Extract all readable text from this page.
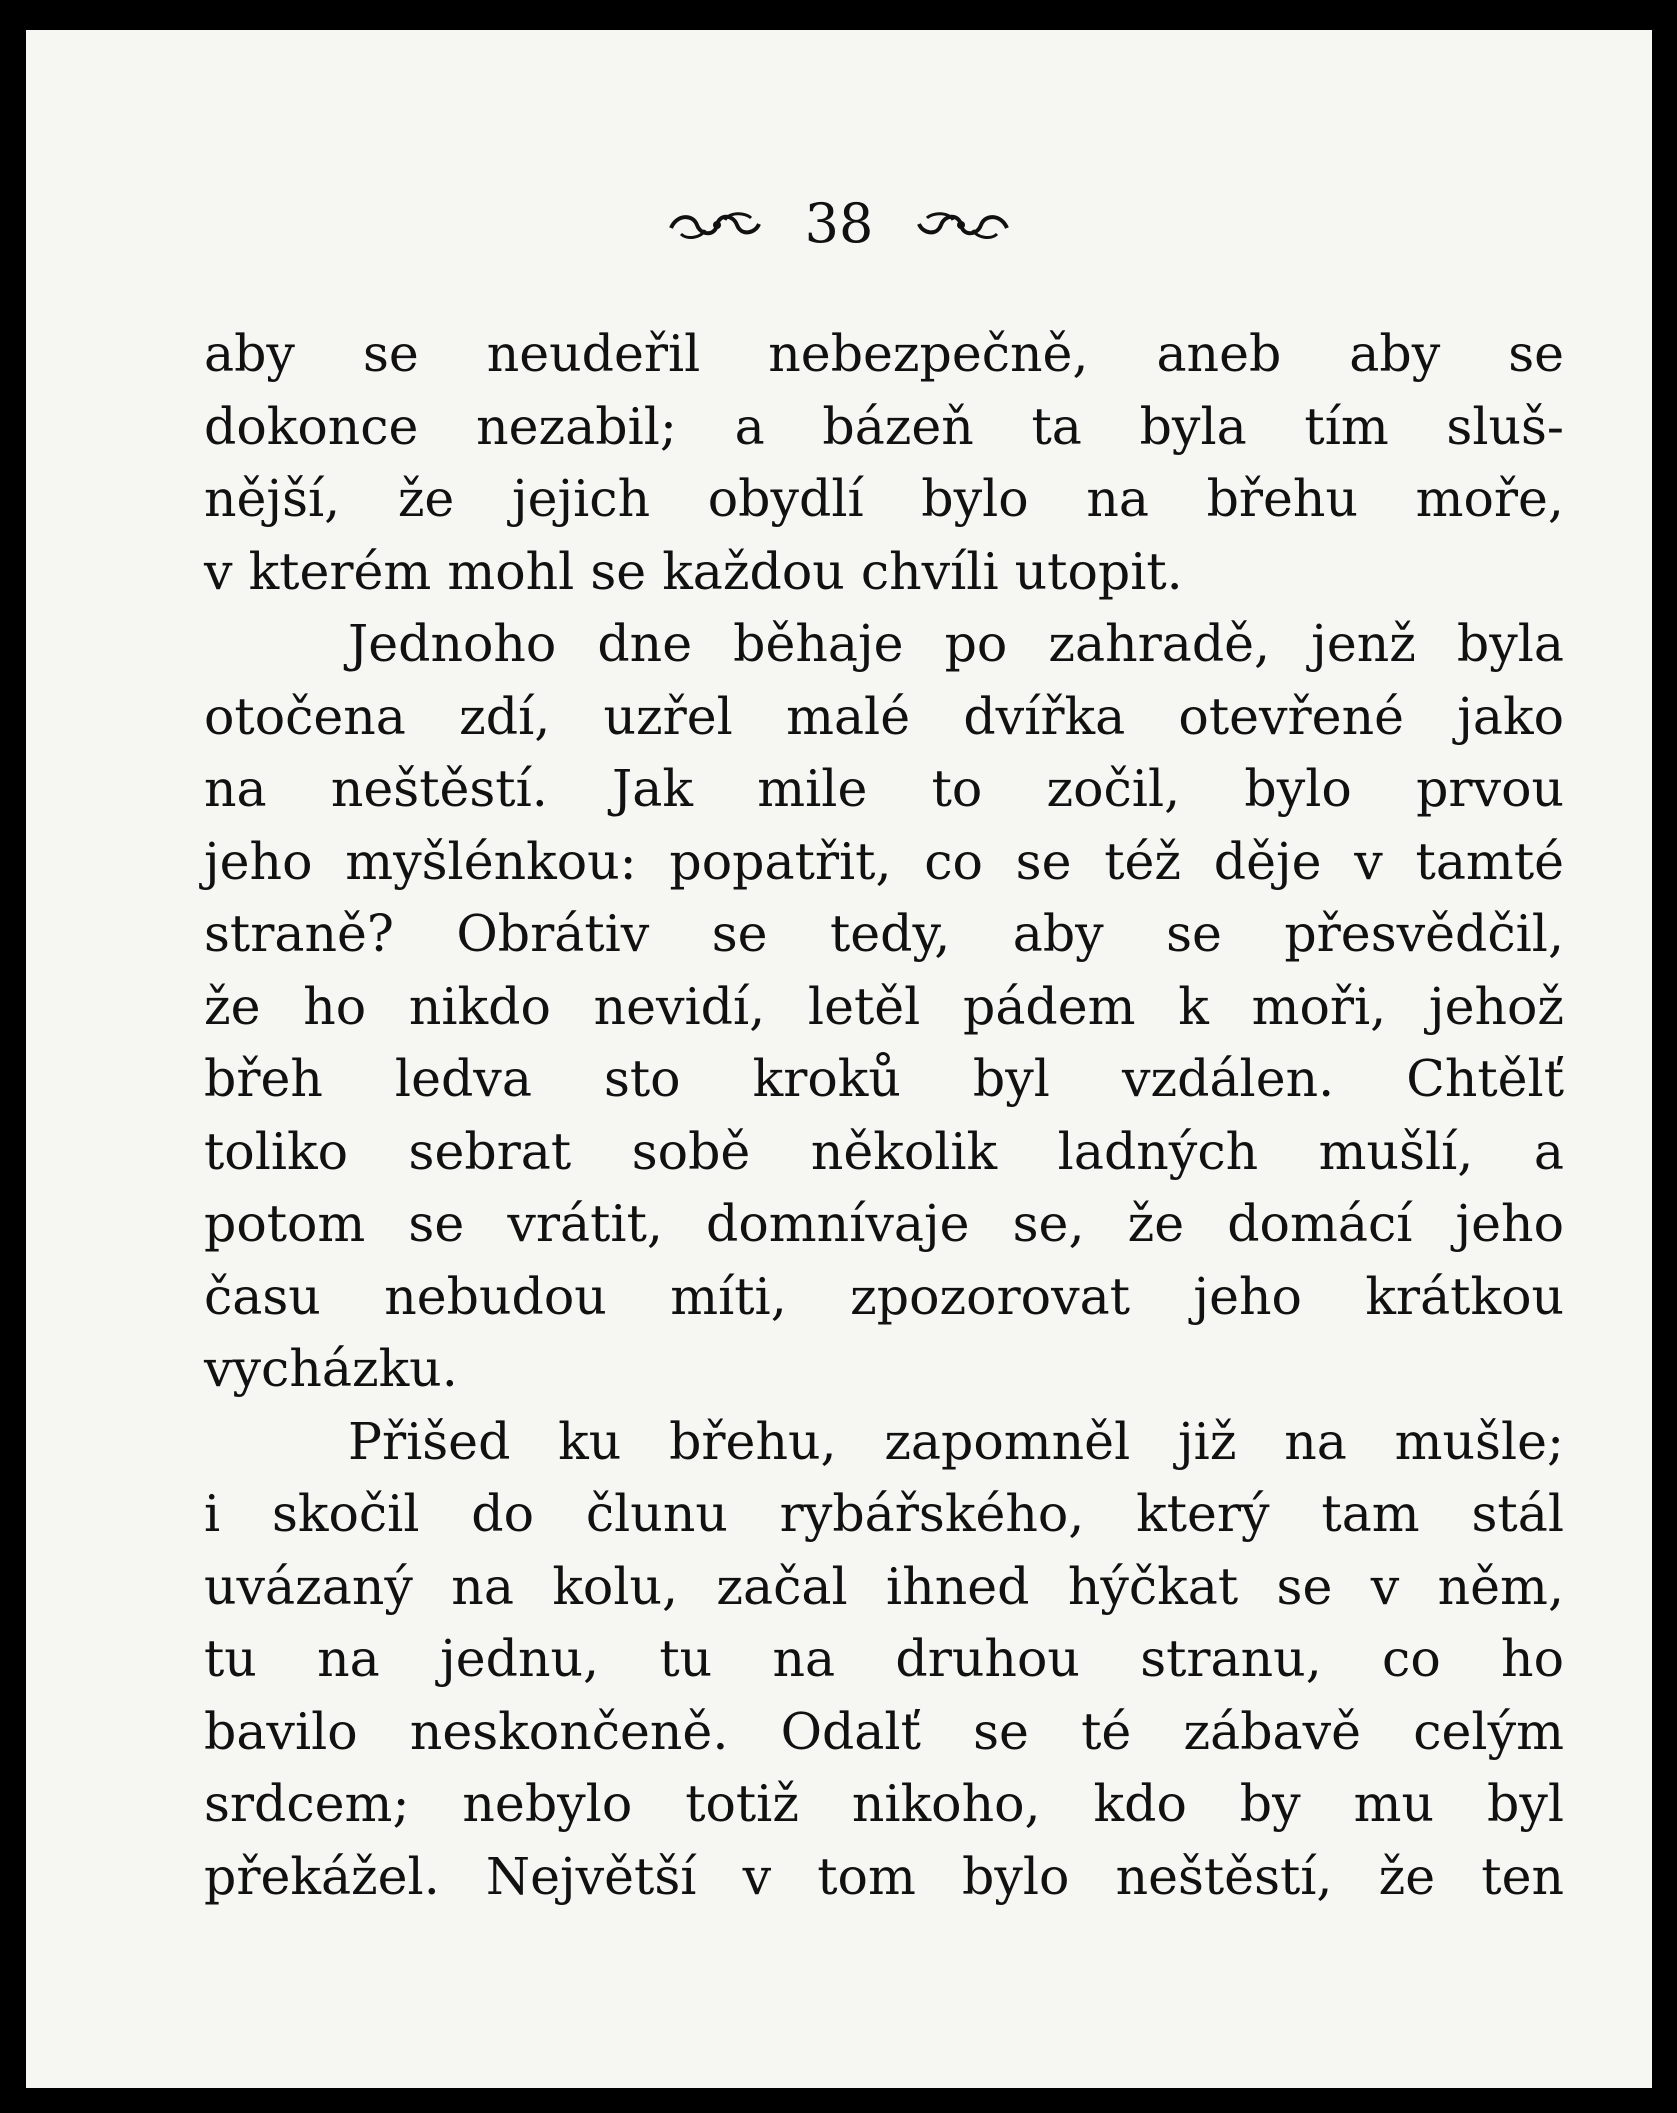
38
aby se neudeřil nebezpečně, aneb aby se
dokonce nezabil; a bázeň ta byla tím sluš-
nější, že jejich obydlí bylo na břehu moře,
v kterém mohl se každou chvíli utopit.
Jednoho dne běhaje po zahradě, jenž byla
otočena zdí, uzřel malé dvířka otevřené jako
na neštěstí. Jak mile to zočil, bylo prvou
jeho myšlénkou: popatřit, co se též děje v tamté
straně? Obrátiv se tedy, aby se přesvědčil,
že ho nikdo nevidí, letěl pádem k moři, jehož
břeh ledva sto kroků byl vzdálen. Chtělť
toliko sebrat sobě několik ladných mušlí, a
potom se vrátit, domnívaje se, že domácí jeho
času nebudou míti, zpozorovat jeho krátkou
vycházku.
Přišed ku břehu, zapomněl již na mušle;
i skočil do člunu rybářského, který tam stál
uvázaný na kolu, začal ihned hýčkat se v něm,
tu na jednu, tu na druhou stranu, co ho
bavilo neskončeně. Odalť se té zábavě celým
srdcem; nebylo totiž nikoho, kdo by mu byl
překážel. Největší v tom bylo neštěstí, že ten
